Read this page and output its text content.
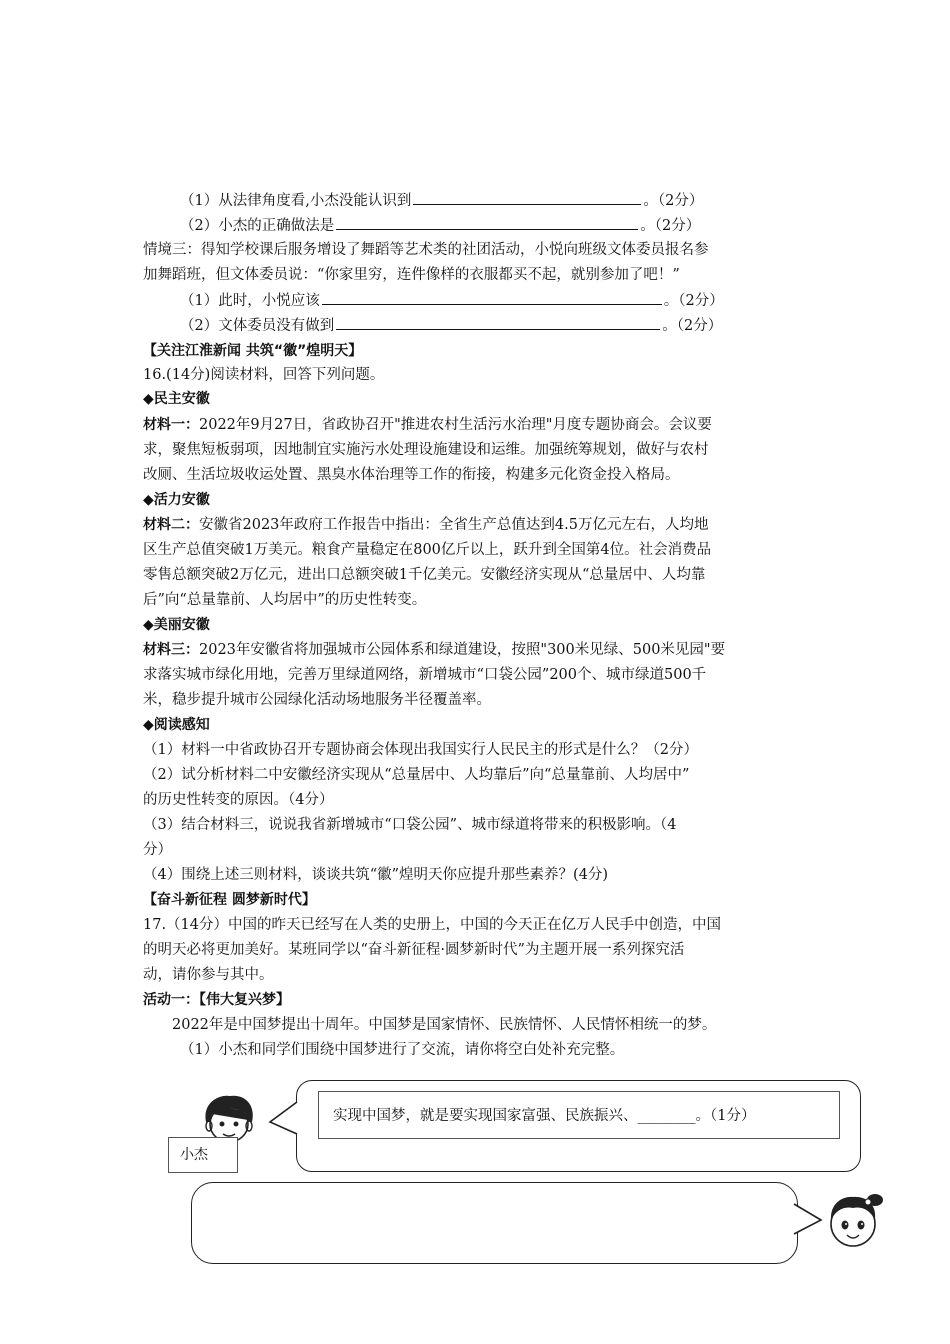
（1）从法律角度看,小杰没能认识到	。（2分）
（2）小杰的正确做法是	。（2分）
情境三：得知学校课后服务增设了舞蹈等艺术类的社团活动，小悦向班级文体委员报名参
加舞蹈班，但文体委员说：“你家里穷，连件像样的衣服都买不起，就别参加了吧！”
（1）此时，小悦应该	。（2分）
（2）文体委员没有做到	。（2分）
【关注江淮新闻 共筑“徽”煌明天】
16.(14分)阅读材料，回答下列问题。
◆民主安徽
材料一：2022年9月27日，省政协召开"推进农村生活污水治理"月度专题协商会。会议要
求，聚焦短板弱项，因地制宜实施污水处理设施建设和运维。加强统筹规划，做好与农村
改厕、生活垃圾收运处置、黑臭水体治理等工作的衔接，构建多元化资金投入格局。
◆活力安徽
材料二：安徽省2023年政府工作报告中指出：全省生产总值达到4.5万亿元左右，人均地
区生产总值突破1万美元。粮食产量稳定在800亿斤以上，跃升到全国第4位。社会消费品
零售总额突破2万亿元，进出口总额突破1千亿美元。安徽经济实现从“总量居中、人均靠
后”向“总量靠前、人均居中”的历史性转变。
◆美丽安徽
材料三：2023年安徽省将加强城市公园体系和绿道建设，按照"300米见绿、500米见园"要
求落实城市绿化用地，完善万里绿道网络，新增城市“口袋公园”200个、城市绿道500千
米，稳步提升城市公园绿化活动场地服务半径覆盖率。
◆阅读感知
（1）材料一中省政协召开专题协商会体现出我国实行人民民主的形式是什么？（2分）
（2）试分析材料二中安徽经济实现从“总量居中、人均靠后”向“总量靠前、人均居中”
的历史性转变的原因。（4分）
（3）结合材料三，说说我省新增城市“口袋公园”、城市绿道将带来的积极影响。（4
分）
（4）围绕上述三则材料，谈谈共筑“徽”煌明天你应提升那些素养？(4分)
【奋斗新征程 圆梦新时代】
17.（14分）中国的昨天已经写在人类的史册上，中国的今天正在亿万人民手中创造，中国
的明天必将更加美好。某班同学以“奋斗新征程·圆梦新时代”为主题开展一系列探究活
动，请你参与其中。
活动一：【伟大复兴梦】
2022年是中国梦提出十周年。中国梦是国家情怀、民族情怀、人民情怀相统一的梦。
（1）小杰和同学们围绕中国梦进行了交流，请你将空白处补充完整。
小杰
实现中国梦，就是要实现国家富强、民族振兴、________。（1分）
